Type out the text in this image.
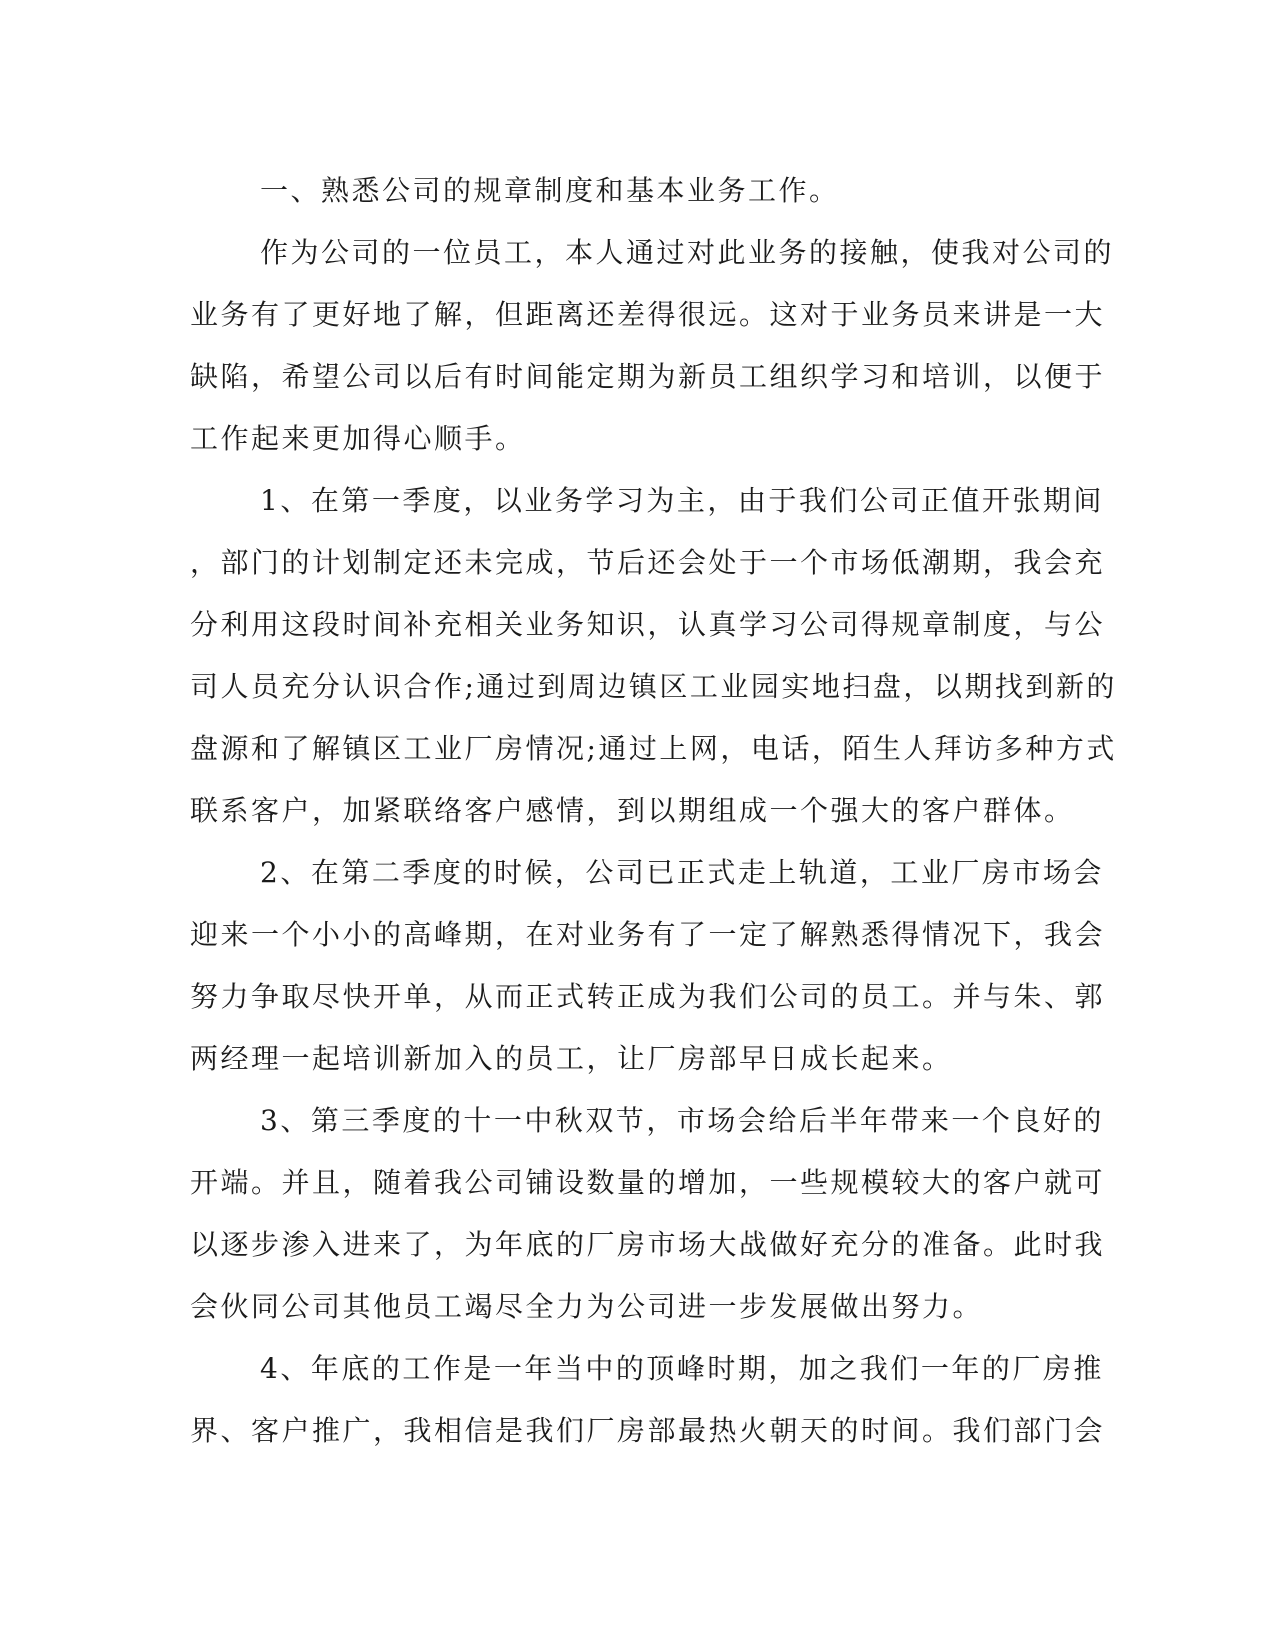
一、熟悉公司的规章制度和基本业务工作。

作为公司的一位员工，本人通过对此业务的接触，使我对公司的
业务有了更好地了解，但距离还差得很远。这对于业务员来讲是一大
缺陷，希望公司以后有时间能定期为新员工组织学习和培训，以便于
工作起来更加得心顺手。

1、在第一季度，以业务学习为主，由于我们公司正值开张期间
，部门的计划制定还未完成，节后还会处于一个市场低潮期，我会充
分利用这段时间补充相关业务知识，认真学习公司得规章制度，与公
司人员充分认识合作;通过到周边镇区工业园实地扫盘，以期找到新的
盘源和了解镇区工业厂房情况;通过上网，电话，陌生人拜访多种方式
联系客户，加紧联络客户感情，到以期组成一个强大的客户群体。

2、在第二季度的时候，公司已正式走上轨道，工业厂房市场会
迎来一个小小的高峰期，在对业务有了一定了解熟悉得情况下，我会
努力争取尽快开单，从而正式转正成为我们公司的员工。并与朱、郭
两经理一起培训新加入的员工，让厂房部早日成长起来。

3、第三季度的十一中秋双节，市场会给后半年带来一个良好的
开端。并且，随着我公司铺设数量的增加，一些规模较大的客户就可
以逐步渗入进来了，为年底的厂房市场大战做好充分的准备。此时我
会伙同公司其他员工竭尽全力为公司进一步发展做出努力。

4、年底的工作是一年当中的顶峰时期，加之我们一年的厂房推
界、客户推广，我相信是我们厂房部最热火朝天的时间。我们部门会
